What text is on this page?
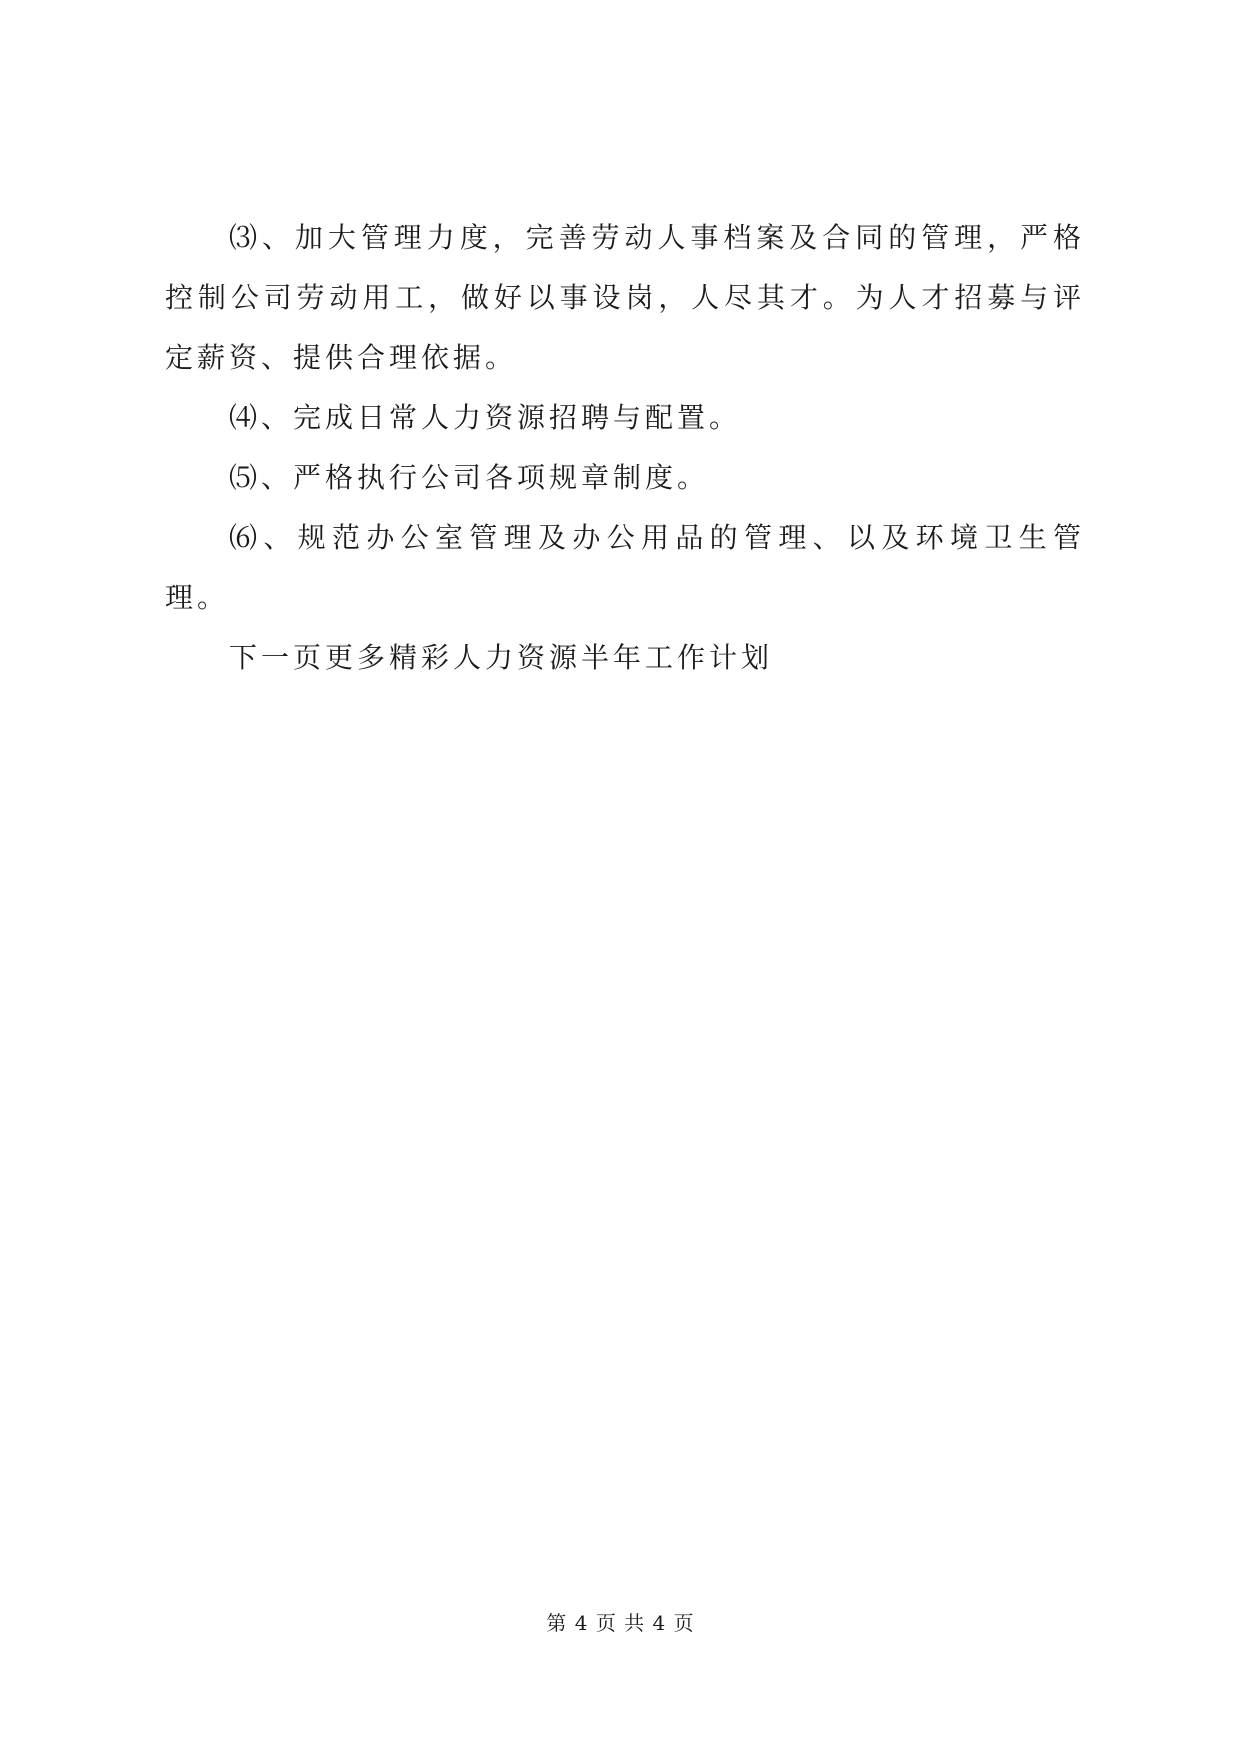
⑶、加大管理力度，完善劳动人事档案及合同的管理，严格控制公司劳动用工，做好以事设岗，人尽其才。为人才招募与评定薪资、提供合理依据。

⑷、完成日常人力资源招聘与配置。

⑸、严格执行公司各项规章制度。

⑹、规范办公室管理及办公用品的管理、以及环境卫生管理。

下一页更多精彩人力资源半年工作计划

第 4 页 共 4 页
